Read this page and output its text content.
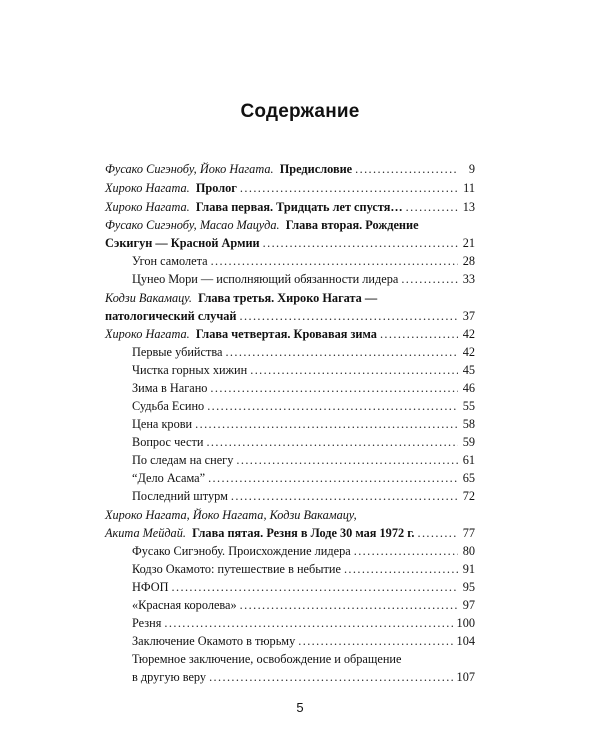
Содержание
Фусако Сигэнобу, Йоко Нагата. Предисловие .....	9
Хироко Нагата. Пролог .....	11
Хироко Нагата. Глава первая. Тридцать лет спустя… .....	13
Фусако Сигэнобу, Масао Мацуда. Глава вторая. Рождение
Сэкигун — Красной Армии .....	21
Угон самолета .....	28
Цунео Мори — исполняющий обязанности лидера .....	33
Кодзи Вакамацу. Глава третья. Хироко Нагата —
патологический случай .....	37
Хироко Нагата. Глава четвертая. Кровавая зима .....	42
Первые убийства .....	42
Чистка горных хижин .....	45
Зима в Нагано .....	46
Судьба Есино .....	55
Цена крови .....	58
Вопрос чести .....	59
По следам на снегу .....	61
“Дело Асама” .....	65
Последний штурм .....	72
Хироко Нагата, Йоко Нагата, Кодзи Вакамацу,
Акита Мейдай. Глава пятая. Резня в Лоде 30 мая 1972 г. .....	77
Фусако Сигэнобу. Происхождение лидера .....	80
Кодзо Окамото: путешествие в небытие .....	91
НФОП .....	95
«Красная королева» .....	97
Резня .....	100
Заключение Окамото в тюрьму .....	104
Тюремное заключение, освобождение и обращение
в другую веру .....	107
5
